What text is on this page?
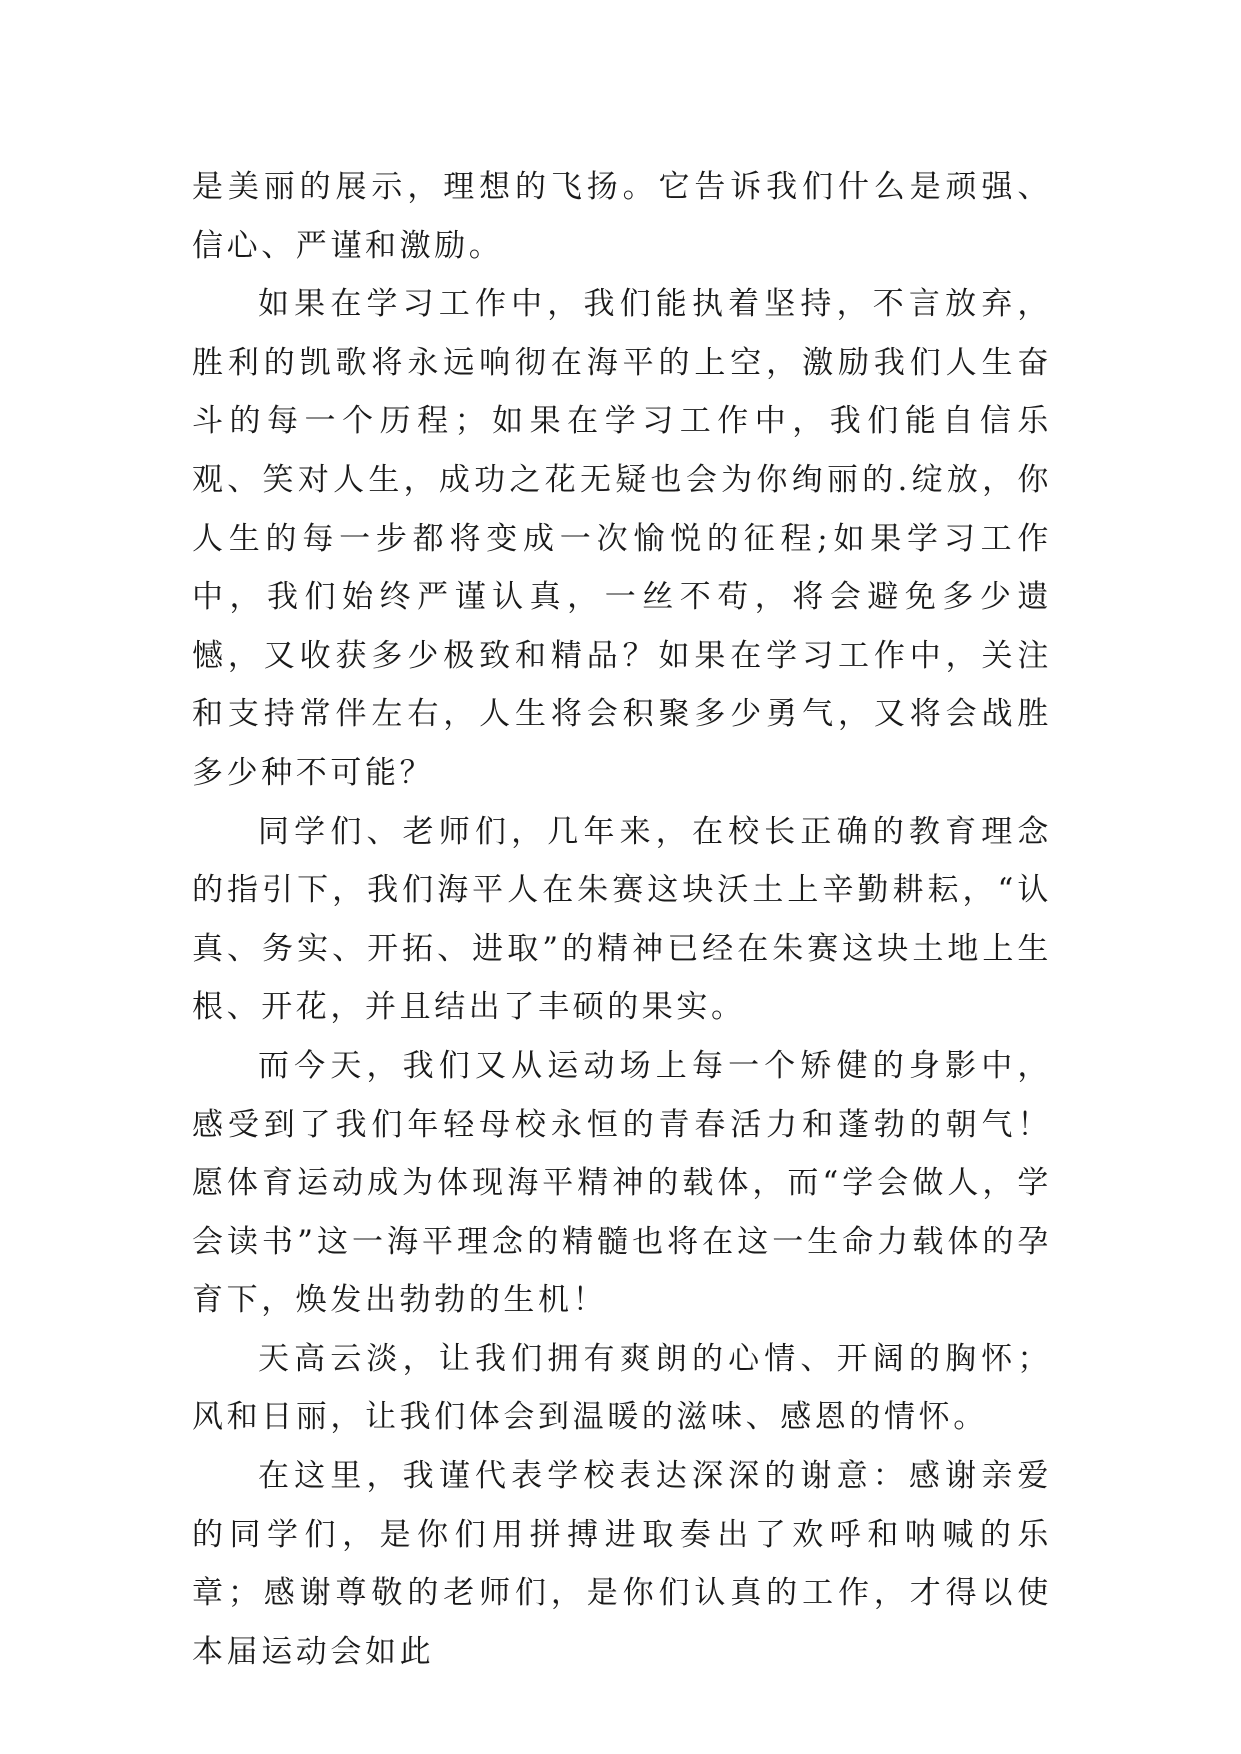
是美丽的展示，理想的飞扬。它告诉我们什么是顽强、信心、严谨和激励。

如果在学习工作中，我们能执着坚持，不言放弃，胜利的凯歌将永远响彻在海平的上空，激励我们人生奋斗的每一个历程；如果在学习工作中，我们能自信乐观、笑对人生，成功之花无疑也会为你绚丽的.绽放，你人生的每一步都将变成一次愉悦的征程;如果学习工作中，我们始终严谨认真，一丝不苟，将会避免多少遗憾，又收获多少极致和精品？如果在学习工作中，关注和支持常伴左右，人生将会积聚多少勇气，又将会战胜多少种不可能？

同学们、老师们，几年来，在校长正确的教育理念的指引下，我们海平人在朱赛这块沃土上辛勤耕耘，“认真、务实、开拓、进取”的精神已经在朱赛这块土地上生根、开花，并且结出了丰硕的果实。

而今天，我们又从运动场上每一个矫健的身影中，感受到了我们年轻母校永恒的青春活力和蓬勃的朝气！愿体育运动成为体现海平精神的载体，而“学会做人，学会读书”这一海平理念的精髓也将在这一生命力载体的孕育下，焕发出勃勃的生机！

天高云淡，让我们拥有爽朗的心情、开阔的胸怀；风和日丽，让我们体会到温暖的滋味、感恩的情怀。

在这里，我谨代表学校表达深深的谢意：感谢亲爱的同学们，是你们用拼搏进取奏出了欢呼和呐喊的乐章；感谢尊敬的老师们，是你们认真的工作，才得以使本届运动会如此
